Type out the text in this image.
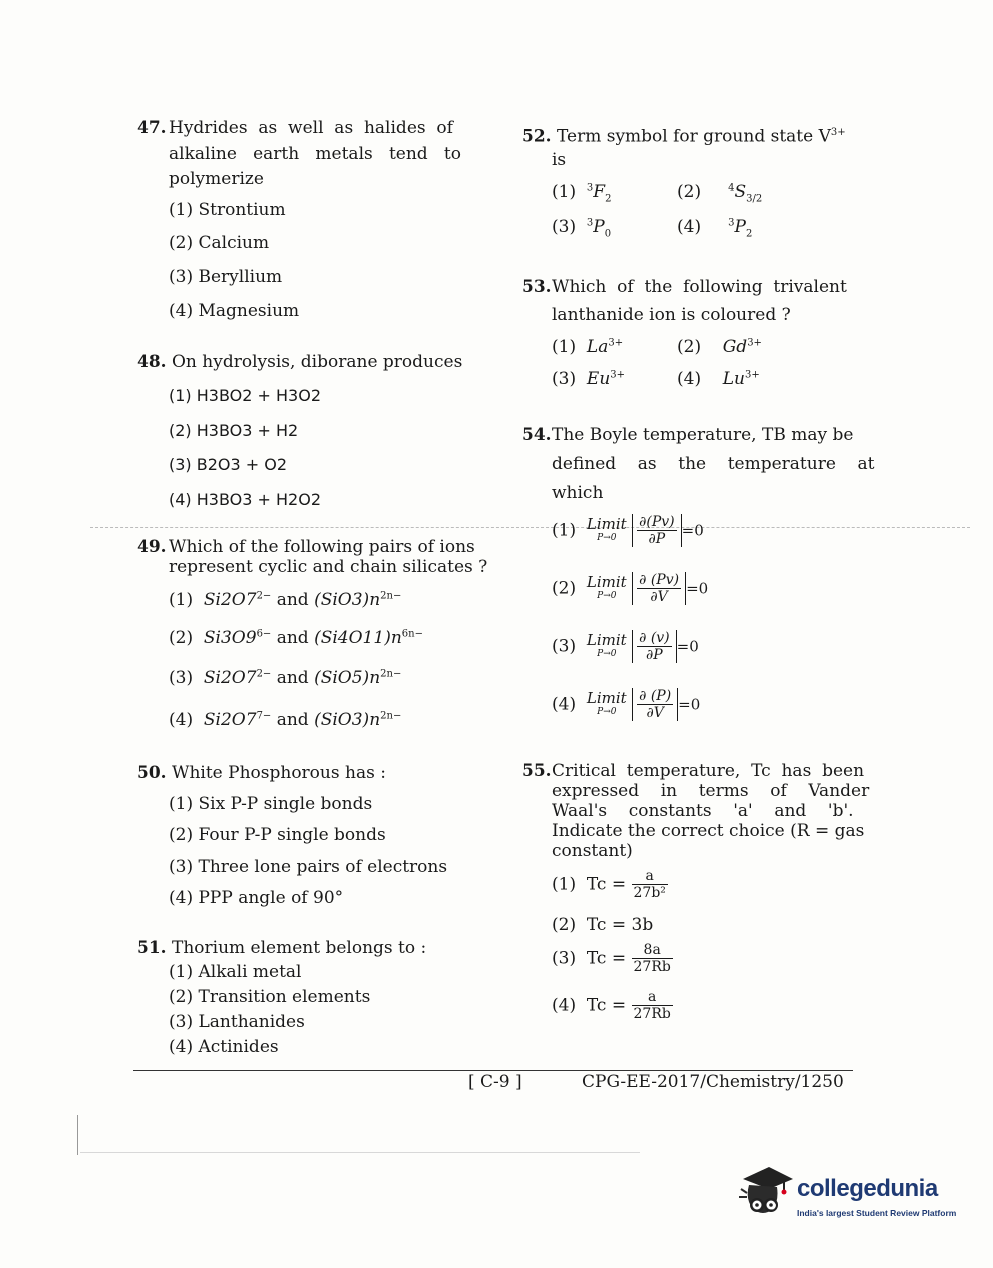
47. Hydrides  as  well  as  halides  of
alkaline   earth   metals   tend   to
polymerize
(1) Strontium
(2) Calcium
(3) Beryllium
(4) Magnesium
48. On hydrolysis, diborane produces
(1) H3BO2 + H3O2
(2) H3BO3 + H2
(3) B2O3 + O2
(4) H3BO3 + H2O2
49. Which of the following pairs of ions
represent cyclic and chain silicates ?
(1) $Si2O7^{2-}$ and $(SiO3)n^{2n-}$
(2) $Si3O9^{6-}$ and $(Si4O11)n^{6n-}$
(3) $Si2O7^{2-}$ and $(SiO5)n^{2n-}$
(4) $Si2O7^{7-}$ and $(SiO3)n^{2n-}$
50. White Phosphorous has :
(1) Six P-P single bonds
(2) Four P-P single bonds
(3) Three lone pairs of electrons
(4) PPP angle of 90°
51. Thorium element belongs to :
(1) Alkali metal
(2) Transition elements
(3) Lanthanides
(4) Actinides
52. Term symbol for ground state $V^{3+}$
is
(1) $^3F_2$	(2)	$^4S_{3/2}$
(3) $^3P_0$	(4)	$^3P_2$
53. Which  of  the  following  trivalent
lanthanide ion is coloured ?
(1) $La^{3+}$	(2) $Gd^{3+}$
(3) $Eu^{3+}$	(4) $Lu^{3+}$
54. The Boyle temperature, TB may be
defined    as    the    temperature    at
which
(1) Limit
P→0
	$\frac{\partial(Pv)}{\partial P} =0$
(2) Limit
P→0
	$\frac{\partial (Pv)}{\partial V} =0$
(3) Limit
P→0
	$\frac{\partial (v)}{\partial P} =0$
(4) Limit
P→0
	$\frac{\partial (P)}{\partial V} =0$
55. Critical  temperature,  Tc  has  been
expressed    in    terms    of    Vander
Waal's    constants    'a'    and    'b'.
Indicate the correct choice (R = gas
constant)
(1) $Tc = \frac{a}{\text{27b²}}$
(2) Tc = 3b
(3) $Tc = \frac{8a}{27Rb}$
(4) $Tc = \frac{a}{27Rb}$
[ C-9 ]	CPG-EE-2017/Chemistry/1250
collegedunia
India's largest Student Review Platform
